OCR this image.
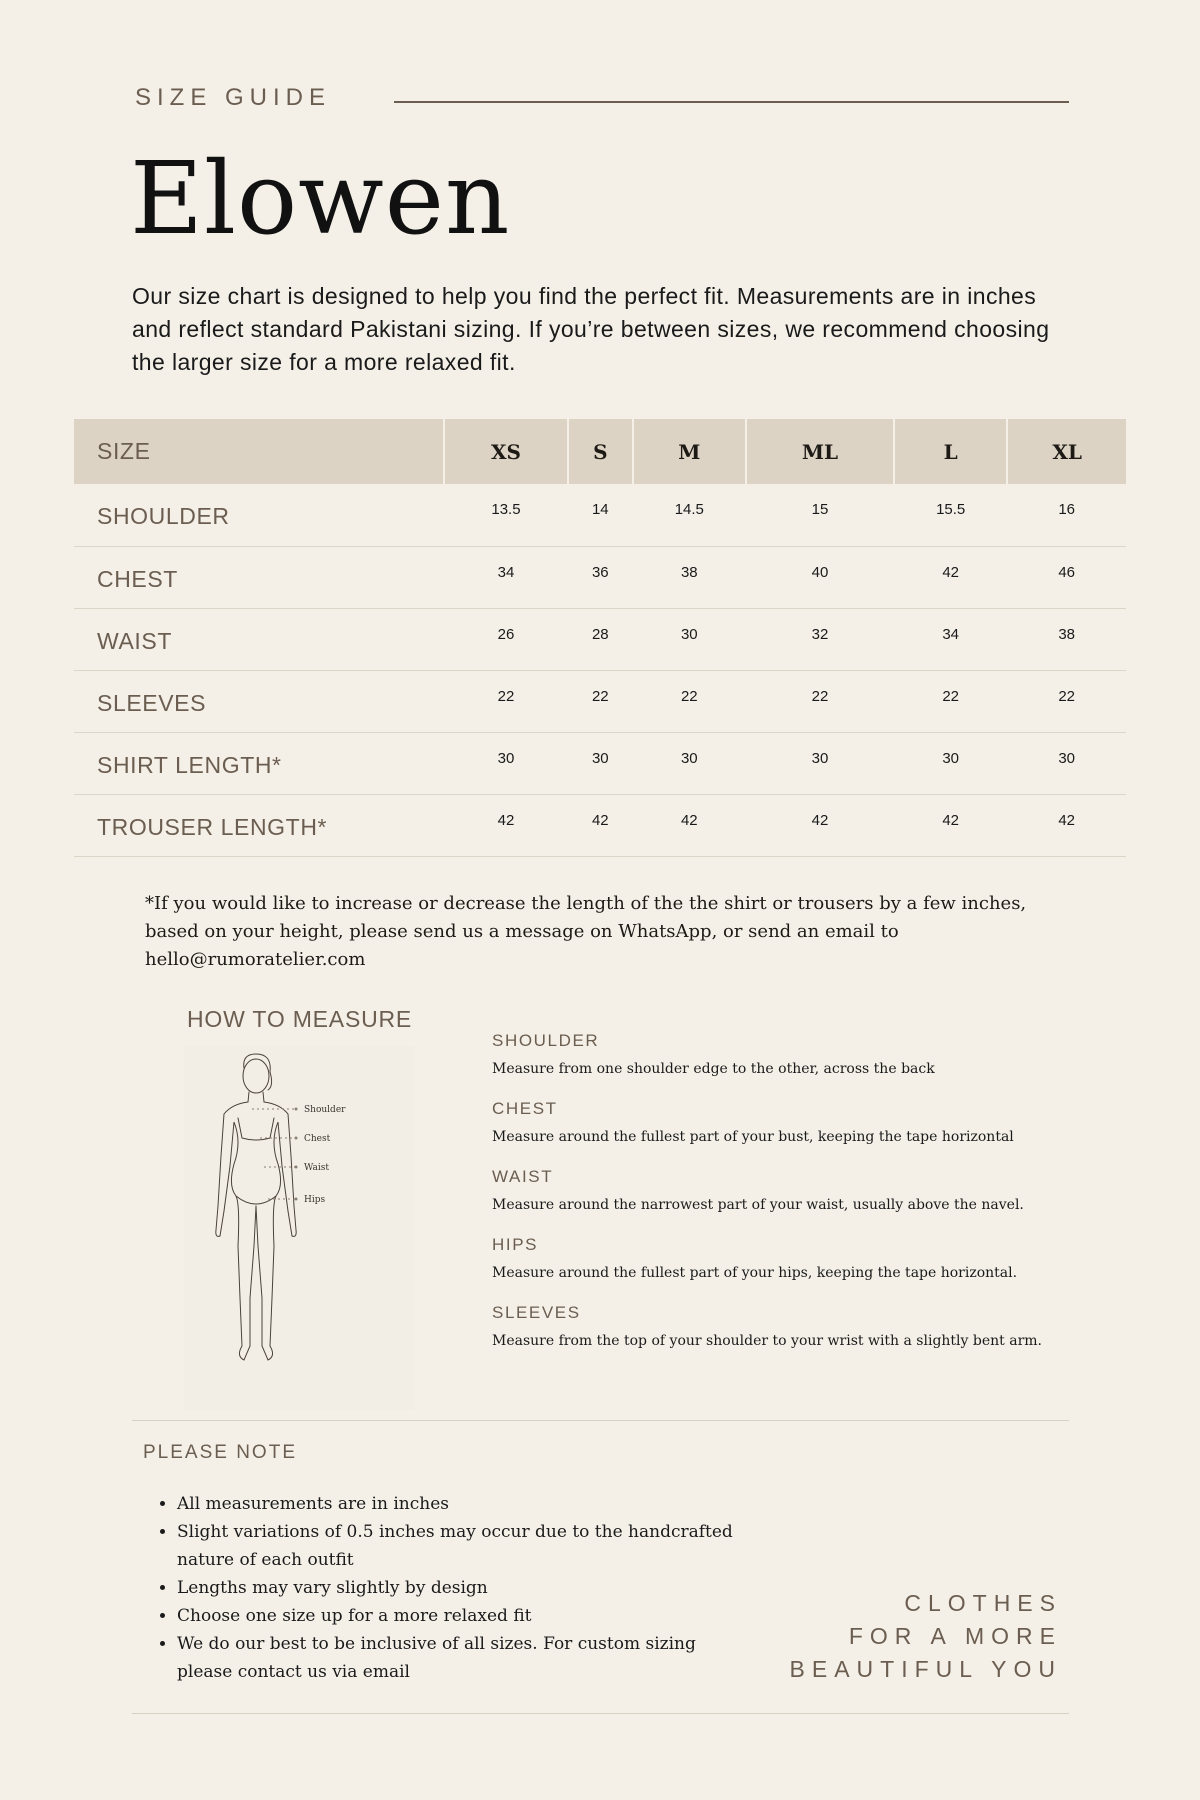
SIZE GUIDE
Elowen

Our size chart is designed to help you find the perfect fit. Measurements are in inches and reflect standard Pakistani sizing. If you’re between sizes, we recommend choosing the larger size for a more relaxed fit.

SIZE	XS	S	M	ML	L	XL
SHOULDER	13.5	14	14.5	15	15.5	16
CHEST	34	36	38	40	42	46
WAIST	26	28	30	32	34	38
SLEEVES	22	22	22	22	22	22
SHIRT LENGTH*	30	30	30	30	30	30
TROUSER LENGTH*	42	42	42	42	42	42

*If you would like to increase or decrease the length of the the shirt or trousers by a few inches, based on your height, please send us a message on WhatsApp, or send an email to hello@rumoratelier.com

HOW TO MEASURE
Shoulder
Chest
Waist
Hips
SHOULDER
Measure from one shoulder edge to the other, across the back
CHEST
Measure around the fullest part of your bust, keeping the tape horizontal
WAIST
Measure around the narrowest part of your waist, usually above the navel.
HIPS
Measure around the fullest part of your hips, keeping the tape horizontal.
SLEEVES
Measure from the top of your shoulder to your wrist with a slightly bent arm.
PLEASE NOTE
• All measurements are in inches
• Slight variations of 0.5 inches may occur due to the handcrafted nature of each outfit
• Lengths may vary slightly by design
• Choose one size up for a more relaxed fit
• We do our best to be inclusive of all sizes. For custom sizing please contact us via email
CLOTHES
FOR A MORE
BEAUTIFUL YOU
